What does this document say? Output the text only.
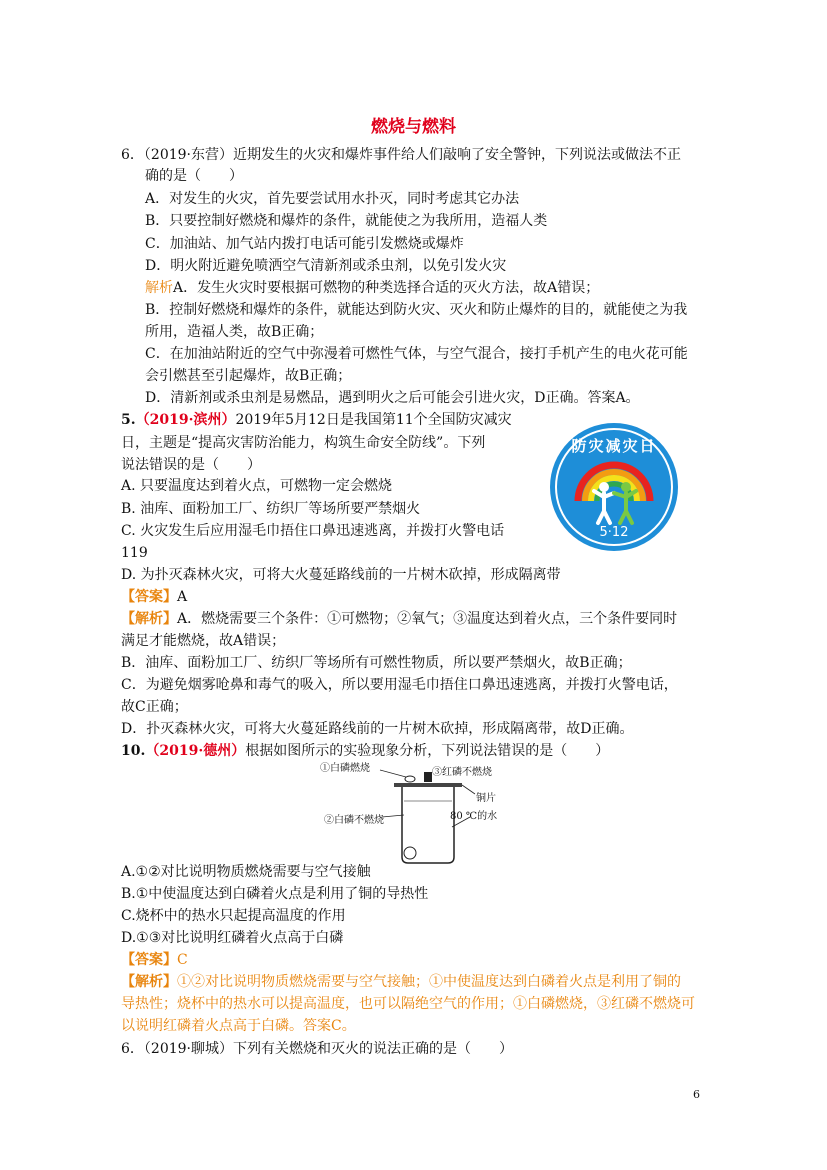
燃烧与燃料
6．（2019·东营）近期发生的火灾和爆炸事件给人们敲响了安全警钟，下列说法或做法不正
确的是（　　）
A．对发生的火灾，首先要尝试用水扑灭，同时考虑其它办法
B．只要控制好燃烧和爆炸的条件，就能使之为我所用，造福人类
C．加油站、加气站内拨打电话可能引发燃烧或爆炸
D．明火附近避免喷洒空气清新剂或杀虫剂，以免引发火灾
解析A．发生火灾时要根据可燃物的种类选择合适的灭火方法，故A错误；
B．控制好燃烧和爆炸的条件，就能达到防火灾、灭火和防止爆炸的目的，就能使之为我
所用，造福人类，故B正确；
C．在加油站附近的空气中弥漫着可燃性气体，与空气混合，接打手机产生的电火花可能
会引燃甚至引起爆炸，故B正确；
D．清新剂或杀虫剂是易燃品，遇到明火之后可能会引进火灾，D正确。答案A。
5.（2019·滨州）2019年5月12日是我国第11个全国防灾减灾
日，主题是“提高灾害防治能力，构筑生命安全防线”。下列
说法错误的是（　　）
A. 只要温度达到着火点，可燃物一定会燃烧
B. 油库、面粉加工厂、纺织厂等场所要严禁烟火
C. 火灾发生后应用湿毛巾捂住口鼻迅速逃离，并拨打火警电话
119
D. 为扑灭森林火灾，可将大火蔓延路线前的一片树木砍掉，形成隔离带
【答案】A
【解析】A．燃烧需要三个条件：①可燃物；②氧气；③温度达到着火点，三个条件要同时
满足才能燃烧，故A错误；
B．油库、面粉加工厂、纺织厂等场所有可燃性物质，所以要严禁烟火，故B正确；
C．为避免烟雾呛鼻和毒气的吸入，所以要用湿毛巾捂住口鼻迅速逃离，并拨打火警电话，
故C正确；
D．扑灭森林火灾，可将大火蔓延路线前的一片树木砍掉，形成隔离带，故D正确。
防灾减灾日
5·12
10.（2019·德州）根据如图所示的实验现象分析，下列说法错误的是（　　）
①白磷燃烧	③红磷不燃烧
铜片
②白磷不燃烧	80 ℃的水
A.①②对比说明物质燃烧需要与空气接触
B.①中使温度达到白磷着火点是利用了铜的导热性
C.烧杯中的热水只起提高温度的作用
D.①③对比说明红磷着火点高于白磷
【答案】C
【解析】①②对比说明物质燃烧需要与空气接触；①中使温度达到白磷着火点是利用了铜的
导热性；烧杯中的热水可以提高温度，也可以隔绝空气的作用；①白磷燃烧，③红磷不燃烧可
以说明红磷着火点高于白磷。答案C。
6．（2019·聊城）下列有关燃烧和灭火的说法正确的是（　　）
6
